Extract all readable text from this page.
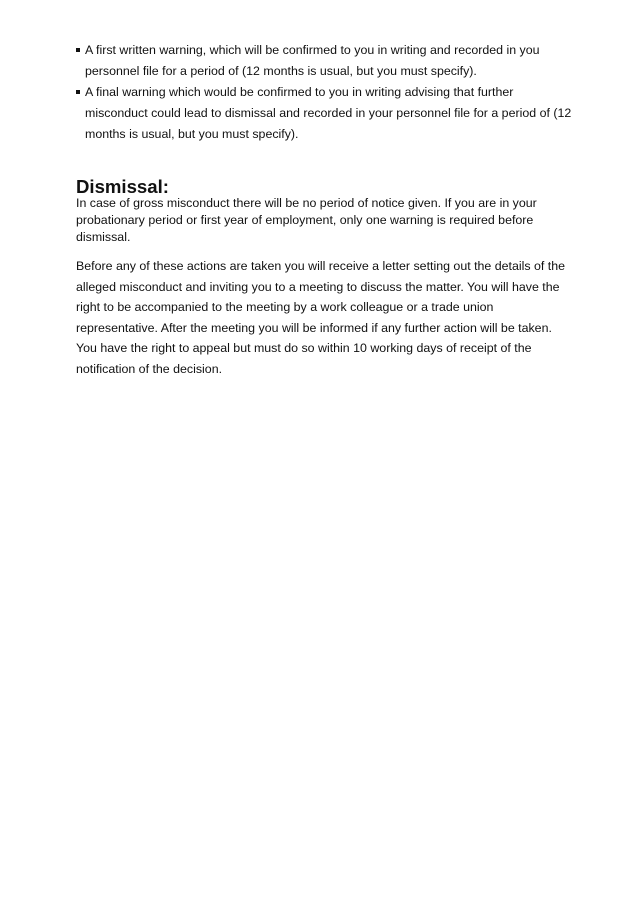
A first written warning, which will be confirmed to you in writing and recorded in you personnel file for a period of (12 months is usual, but you must specify).
A final warning which would be confirmed to you in writing advising that further misconduct could lead to dismissal and recorded in your personnel file for a period of (12 months is usual, but you must specify).
Dismissal:

In case of gross misconduct there will be no period of notice given. If you are in your probationary period or first year of employment, only one warning is required before dismissal.

Before any of these actions are taken you will receive a letter setting out the details of the alleged misconduct and inviting you to a meeting to discuss the matter. You will have the right to be accompanied to the meeting by a work colleague or a trade union representative. After the meeting you will be informed if any further action will be taken. You have the right to appeal but must do so within 10 working days of receipt of the notification of the decision.
